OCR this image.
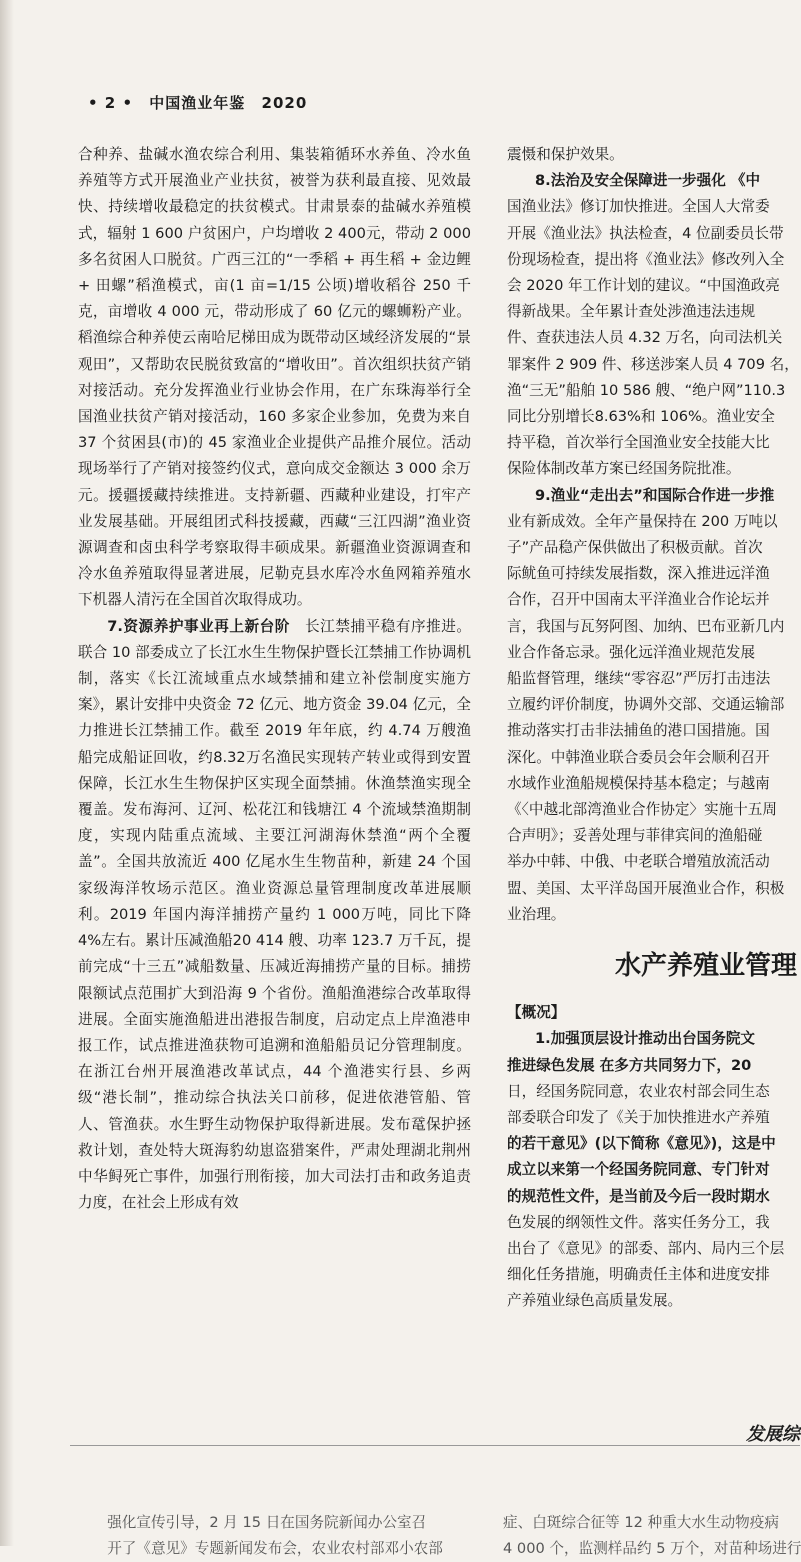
• 2 • 中国渔业年鉴 2020

合种养、盐碱水渔农综合利用、集装箱循环水养鱼、冷水鱼养殖等方式开展渔业产业扶贫，被誉为获利最直接、见效最快、持续增收最稳定的扶贫模式。甘肃景泰的盐碱水养殖模式，辐射 1 600 户贫困户，户均增收 2 400元，带动 2 000 多名贫困人口脱贫。广西三江的“一季稻 + 再生稻 + 金边鲤 + 田螺”稻渔模式，亩(1 亩=1/15 公顷)增收稻谷 250 千克，亩增收 4 000 元，带动形成了 60 亿元的螺蛳粉产业。稻渔综合种养使云南哈尼梯田成为既带动区域经济发展的“景观田”，又帮助农民脱贫致富的“增收田”。首次组织扶贫产销对接活动。充分发挥渔业行业协会作用，在广东珠海举行全国渔业扶贫产销对接活动，160 多家企业参加，免费为来自 37 个贫困县(市)的 45 家渔业企业提供产品推介展位。活动现场举行了产销对接签约仪式，意向成交金额达 3 000 余万元。援疆援藏持续推进。支持新疆、西藏种业建设，打牢产业发展基础。开展组团式科技援藏，西藏“三江四湖”渔业资源调查和卤虫科学考察取得丰硕成果。新疆渔业资源调查和冷水鱼养殖取得显著进展，尼勒克县水库冷水鱼网箱养殖水下机器人清污在全国首次取得成功。

7.资源养护事业再上新台阶　 长江禁捕平稳有序推进。联合 10 部委成立了长江水生生物保护暨长江禁捕工作协调机制，落实《长江流域重点水域禁捕和建立补偿制度实施方案》，累计安排中央资金 72 亿元、地方资金 39.04 亿元，全力推进长江禁捕工作。截至 2019 年年底，约 4.74 万艘渔船完成船证回收，约8.32万名渔民实现转产转业或得到安置保障，长江水生生物保护区实现全面禁捕。休渔禁渔实现全覆盖。发布海河、辽河、松花江和钱塘江 4 个流域禁渔期制度，实现内陆重点流域、主要江河湖海休禁渔“两个全覆盖”。全国共放流近 400 亿尾水生生物苗种，新建 24 个国家级海洋牧场示范区。渔业资源总量管理制度改革进展顺利。2019 年国内海洋捕捞产量约 1 000万吨，同比下降 4%左右。累计压减渔船20 414 艘、功率 123.7 万千瓦，提前完成“十三五”减船数量、压减近海捕捞产量的目标。捕捞限额试点范围扩大到沿海 9 个省份。渔船渔港综合改革取得进展。全面实施渔船进出港报告制度，启动定点上岸渔港申报工作，试点推进渔获物可追溯和渔船船员记分管理制度。在浙江台州开展渔港改革试点，44 个渔港实行县、乡两级“港长制”，推动综合执法关口前移，促进依港管船、管人、管渔获。水生野生动物保护取得新进展。发布鼋保护拯救计划，查处特大斑海豹幼崽盗猎案件，严肃处理湖北荆州中华鲟死亡事件，加强行刑衔接，加大司法打击和政务追责力度，在社会上形成有效

震慑和保护效果。
8.法治及安全保障进一步强化 《中
国渔业法》修订加快推进。全国人大常委
开展《渔业法》执法检查，4 位副委员长带
份现场检查，提出将《渔业法》修改列入全
会 2020 年工作计划的建议。“中国渔政亮
得新战果。全年累计查处涉渔违法违规
件、查获违法人员 4.32 万名，向司法机关
罪案件 2 909 件、移送涉案人员 4 709 名，
渔“三无”船舶 10 586 艘、“绝户网”110.3
同比分别增长8.63%和 106%。渔业安全
持平稳，首次举行全国渔业安全技能大比
保险体制改革方案已经国务院批准。
9.渔业“走出去”和国际合作进一步推
业有新成效。全年产量保持在 200 万吨以
子”产品稳产保供做出了积极贡献。首次
际鱿鱼可持续发展指数，深入推进远洋渔
合作，召开中国南太平洋渔业合作论坛并
言，我国与瓦努阿图、加纳、巴布亚新几内
业合作备忘录。强化远洋渔业规范发展
船监督管理，继续“零容忍”严厉打击违法
立履约评价制度，协调外交部、交通运输部
推动落实打击非法捕鱼的港口国措施。国
深化。中韩渔业联合委员会年会顺利召开
水域作业渔船规模保持基本稳定；与越南
《〈中越北部湾渔业合作协定〉实施十五周
合声明》；妥善处理与菲律宾间的渔船碰
举办中韩、中俄、中老联合增殖放流活动
盟、美国、太平洋岛国开展渔业合作，积极
业治理。
水产养殖业管理
【概况】
1.加强顶层设计推动出台国务院文
推进绿色发展 在多方共同努力下，20
日，经国务院同意，农业农村部会同生态
部委联合印发了《关于加快推进水产养殖
的若干意见》(以下简称《意见》)，这是中
成立以来第一个经国务院同意、专门针对
的规范性文件，是当前及今后一段时期水
色发展的纲领性文件。落实任务分工，我
出台了《意见》的部委、部内、局内三个层
细化任务措施，明确责任主体和进度安排
产养殖业绿色高质量发展。
发展综
强化宣传引导，2 月 15 日在国务院新闻办公室召
开了《意见》专题新闻发布会，农业农村部邓小农部
症、白斑综合征等 12 种重大水生动物疫病
4 000 个，监测样品约 5 万个，对苗种场进行
